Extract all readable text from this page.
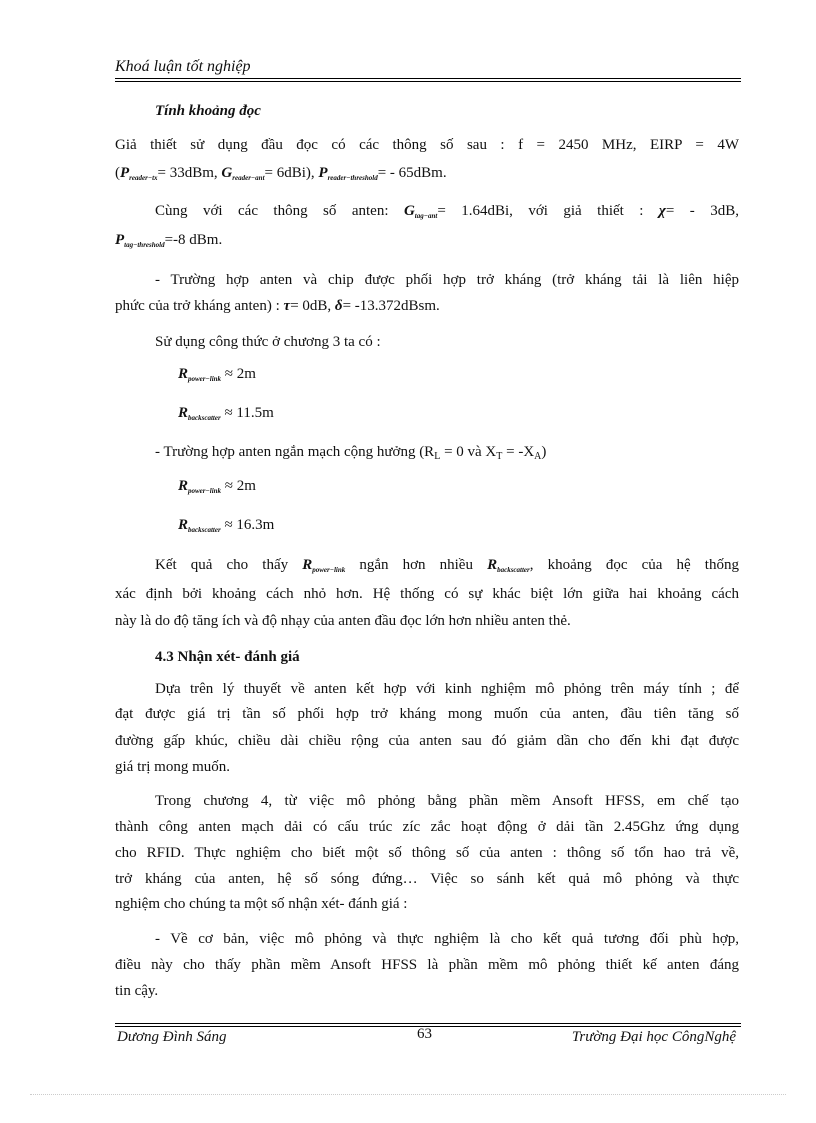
Khoá luận tốt nghiệp
Tính khoảng đọc
Giả thiết sử dụng đầu đọc có các thông số sau : f = 2450 MHz, EIRP = 4W
($P_{reader-tx}= 33dBm$, $G_{reader-ant}= 6dBi$), $P_{reader-threshold}= - 65dBm$.
Cùng với các thông số anten: $G_{tag-ant}= 1.64dBi$, với giả thiết : χ= - 3dB,
$P_{tag-threshold}=-8$ dBm.
- Trường hợp anten và chip được phối hợp trở kháng (trở kháng tải là liên hiệp
phức của trở kháng anten) : τ= 0dB, δ= -13.372dBsm.
Sử dụng công thức ở chương 3 ta có :
$R_{power-link} \approx 2m$
$R_{backscatter} \approx 11.5m$
- Trường hợp anten ngắn mạch cộng hưởng ($R_L = 0$ và $X_T = -X_A$)
$R_{power-link} \approx 2m$
$R_{backscatter} \approx 16.3m$
Kết quả cho thấy $R_{power-link}$ ngắn hơn nhiều $R_{backscatter}$, khoảng đọc của hệ thống
xác định bởi khoảng cách nhỏ hơn. Hệ thống có sự khác biệt lớn giữa hai khoảng cách
này là do độ tăng ích và độ nhạy của anten đầu đọc lớn hơn nhiều anten thẻ.
4.3 Nhận xét- đánh giá
Dựa trên lý thuyết về anten kết hợp với kinh nghiệm mô phỏng trên máy tính ; để
đạt được giá trị tần số phối hợp trở kháng mong muốn của anten, đầu tiên tăng số
đường gấp khúc, chiều dài chiều rộng của anten sau đó giảm dần cho đến khi đạt được
giá trị mong muốn.
Trong chương 4, từ việc mô phỏng bằng phần mềm Ansoft HFSS, em chế tạo
thành công anten mạch dải có cấu trúc zíc zắc hoạt động ở dải tần 2.45Ghz ứng dụng
cho RFID. Thực nghiệm cho biết một số thông số của anten : thông số tổn hao trả về,
trở kháng của anten, hệ số sóng đứng… Việc so sánh kết quả mô phỏng và thực
nghiệm cho chúng ta một số nhận xét- đánh giá :
- Về cơ bản, việc mô phỏng và thực nghiệm là cho kết quả tương đối phù hợp,
điều này cho thấy phần mềm Ansoft HFSS là phần mềm mô phỏng thiết kế anten đáng
tin cậy.
Dương Đình Sáng	63	Trường Đại học CôngNghệ
